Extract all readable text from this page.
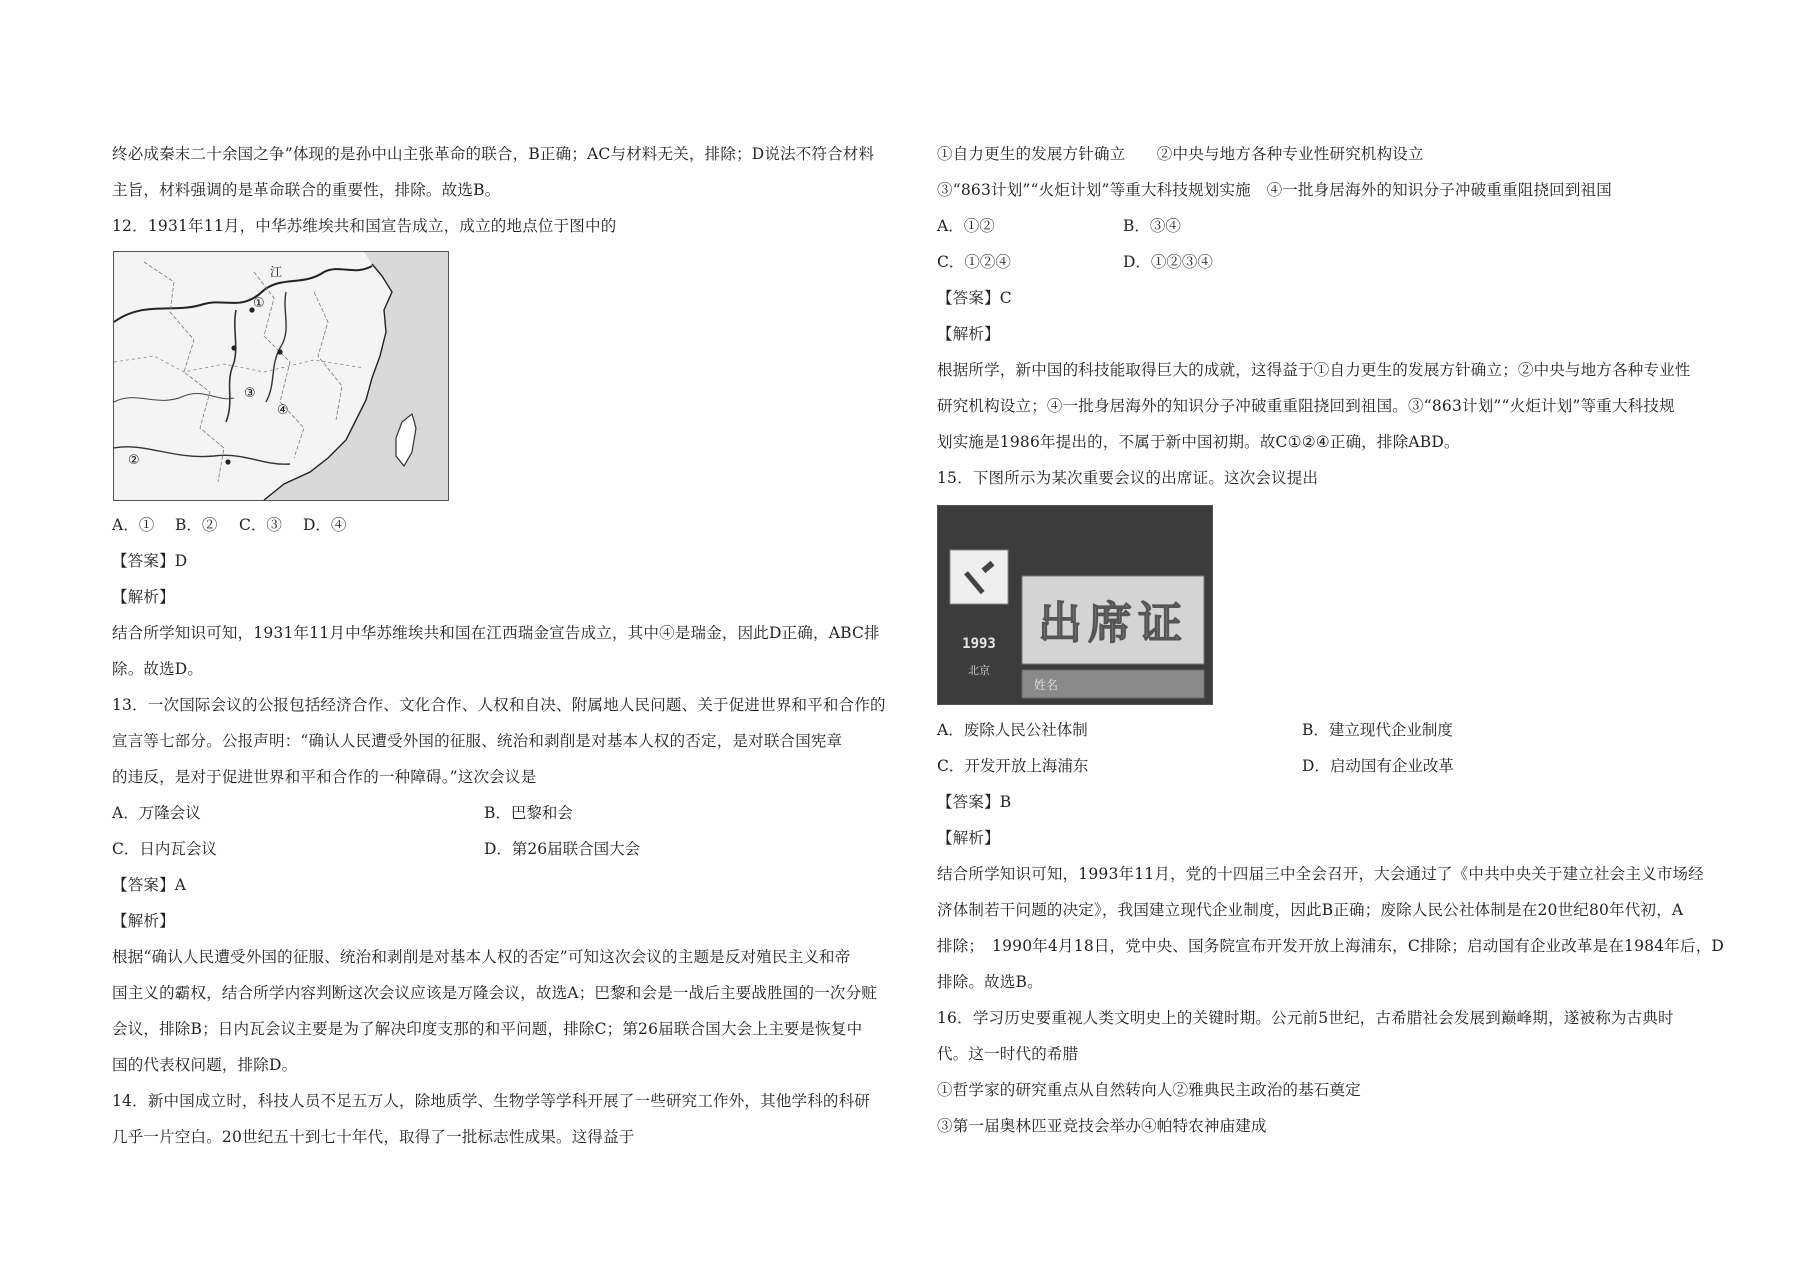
终必成秦末二十余国之争”体现的是孙中山主张革命的联合，B正确；AC与材料无关，排除；D说法不符合材料
主旨，材料强调的是革命联合的重要性，排除。故选B。
12．1931年11月，中华苏维埃共和国宣告成立，成立的地点位于图中的
①
江
②
③
④
A．① B．② C．③ D．④
【答案】D
【解析】
结合所学知识可知，1931年11月中华苏维埃共和国在江西瑞金宣告成立，其中④是瑞金，因此D正确，ABC排
除。故选D。
13．一次国际会议的公报包括经济合作、文化合作、人权和自决、附属地人民问题、关于促进世界和平和合作的
宣言等七部分。公报声明：“确认人民遭受外国的征服、统治和剥削是对基本人权的否定，是对联合国宪章
的违反，是对于促进世界和平和合作的一种障碍。”这次会议是
A．万隆会议	B．巴黎和会
C．日内瓦会议	D．第26届联合国大会
【答案】A
【解析】
根据“确认人民遭受外国的征服、统治和剥削是对基本人权的否定”可知这次会议的主题是反对殖民主义和帝
国主义的霸权，结合所学内容判断这次会议应该是万隆会议，故选A；巴黎和会是一战后主要战胜国的一次分赃
会议，排除B；日内瓦会议主要是为了解决印度支那的和平问题，排除C；第26届联合国大会上主要是恢复中
国的代表权问题，排除D。
14．新中国成立时，科技人员不足五万人，除地质学、生物学等学科开展了一些研究工作外，其他学科的科研
几乎一片空白。20世纪五十到七十年代，取得了一批标志性成果。这得益于
①自力更生的发展方针确立　　②中央与地方各种专业性研究机构设立
③“863计划”“火炬计划”等重大科技规划实施　④一批身居海外的知识分子冲破重重阻挠回到祖国
A．①②	B．③④
C．①②④	D．①②③④
【答案】C
【解析】
根据所学，新中国的科技能取得巨大的成就，这得益于①自力更生的发展方针确立；②中央与地方各种专业性
研究机构设立；④一批身居海外的知识分子冲破重重阻挠回到祖国。③“863计划”“火炬计划”等重大科技规
划实施是1986年提出的，不属于新中国初期。故C①②④正确，排除ABD。
15．下图所示为某次重要会议的出席证。这次会议提出
出席证
1993
北京
姓名
A．废除人民公社体制	B．建立现代企业制度
C．开发开放上海浦东	D．启动国有企业改革
【答案】B
【解析】
结合所学知识可知，1993年11月，党的十四届三中全会召开，大会通过了《中共中央关于建立社会主义市场经
济体制若干问题的决定》，我国建立现代企业制度，因此B正确；废除人民公社体制是在20世纪80年代初，A
排除；　1990年4月18日，党中央、国务院宣布开发开放上海浦东，C排除；启动国有企业改革是在1984年后，D
排除。故选B。
16．学习历史要重视人类文明史上的关键时期。公元前5世纪，古希腊社会发展到巅峰期，遂被称为古典时
代。这一时代的希腊
①哲学家的研究重点从自然转向人②雅典民主政治的基石奠定
③第一届奥林匹亚竞技会举办④帕特农神庙建成
